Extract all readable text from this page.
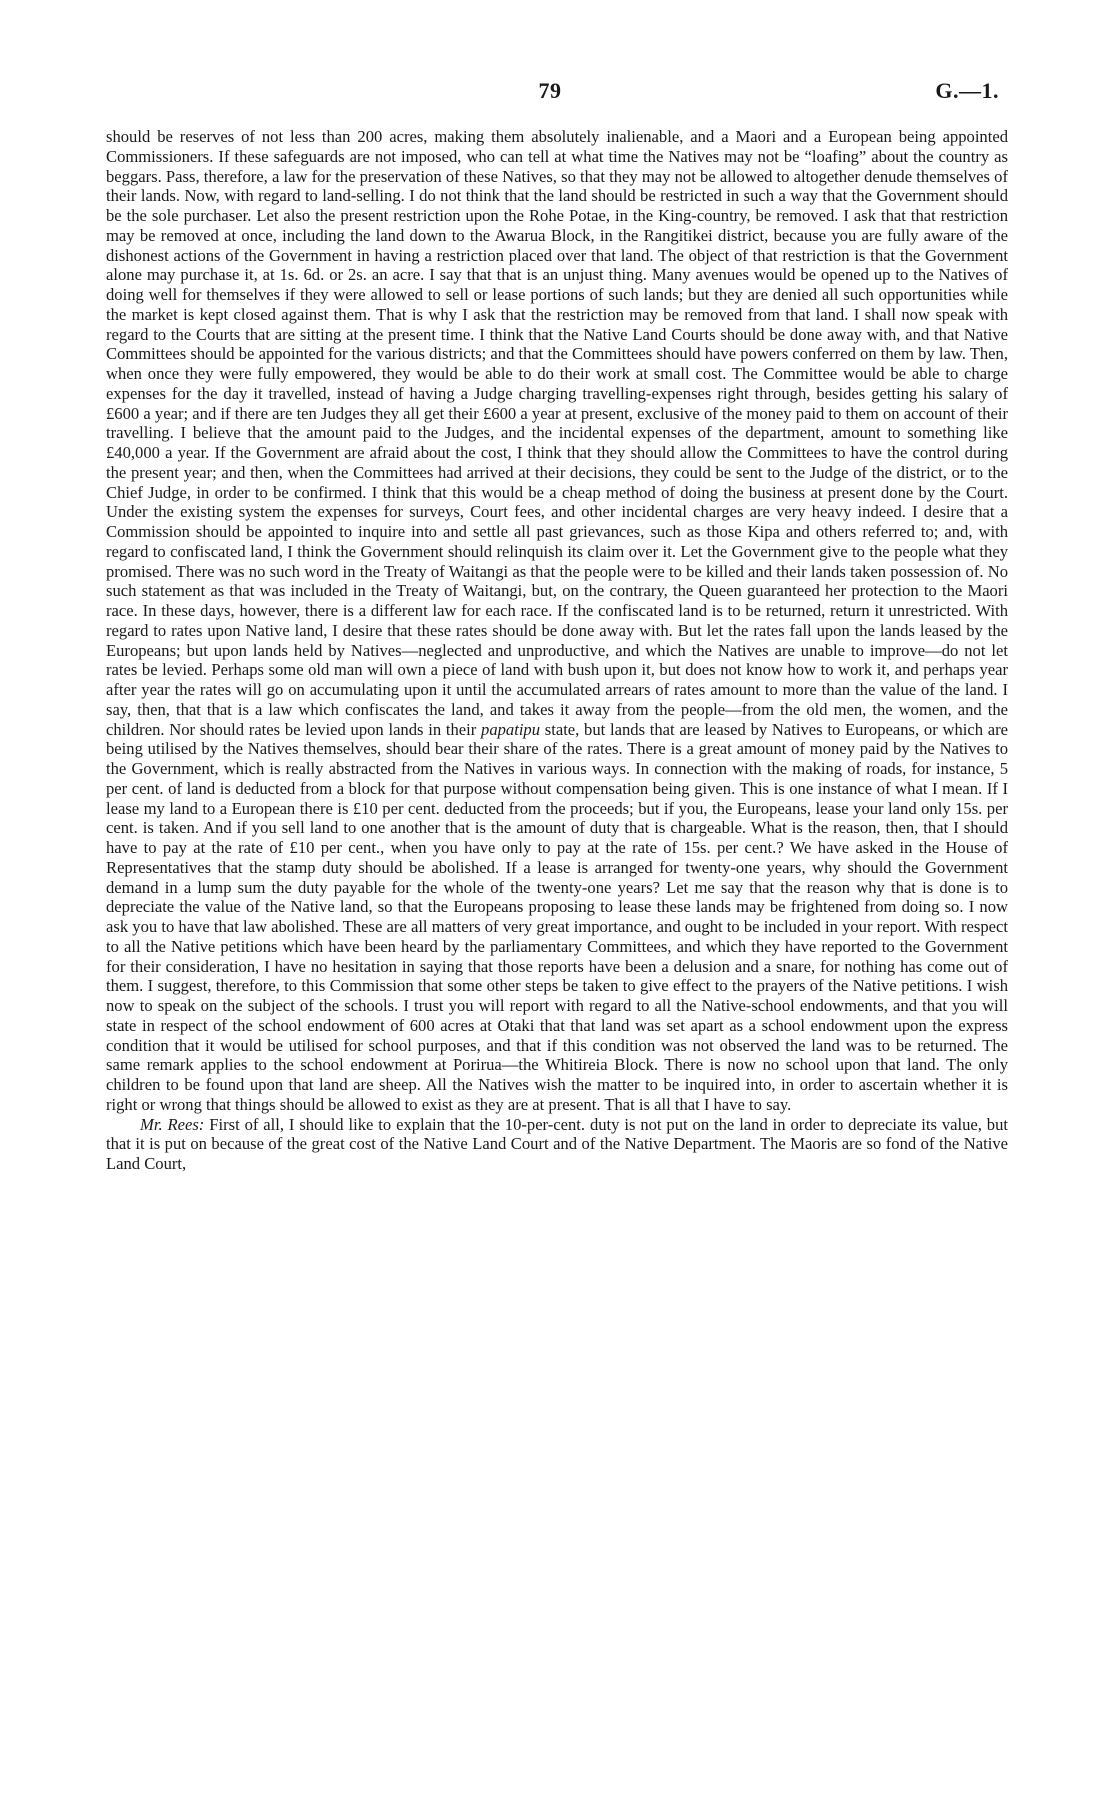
79	G.—1.

should be reserves of not less than 200 acres, making them absolutely inalienable, and a Maori and a European being appointed Commissioners. If these safeguards are not imposed, who can tell at what time the Natives may not be “loafing” about the country as beggars. Pass, therefore, a law for the preservation of these Natives, so that they may not be allowed to altogether denude themselves of their lands. Now, with regard to land-selling. I do not think that the land should be restricted in such a way that the Government should be the sole purchaser. Let also the present restriction upon the Rohe Potae, in the King-country, be removed. I ask that that restriction may be removed at once, including the land down to the Awarua Block, in the Rangitikei district, because you are fully aware of the dishonest actions of the Government in having a restriction placed over that land. The object of that restriction is that the Government alone may purchase it, at 1s. 6d. or 2s. an acre. I say that that is an unjust thing. Many avenues would be opened up to the Natives of doing well for themselves if they were allowed to sell or lease portions of such lands; but they are denied all such opportunities while the market is kept closed against them. That is why I ask that the restriction may be removed from that land. I shall now speak with regard to the Courts that are sitting at the present time. I think that the Native Land Courts should be done away with, and that Native Committees should be appointed for the various districts; and that the Committees should have powers conferred on them by law. Then, when once they were fully empowered, they would be able to do their work at small cost. The Committee would be able to charge expenses for the day it travelled, instead of having a Judge charging travelling-expenses right through, besides getting his salary of £600 a year; and if there are ten Judges they all get their £600 a year at present, exclusive of the money paid to them on account of their travelling. I believe that the amount paid to the Judges, and the incidental expenses of the department, amount to something like £40,000 a year. If the Government are afraid about the cost, I think that they should allow the Committees to have the control during the present year; and then, when the Committees had arrived at their decisions, they could be sent to the Judge of the district, or to the Chief Judge, in order to be confirmed. I think that this would be a cheap method of doing the business at present done by the Court. Under the existing system the expenses for surveys, Court fees, and other incidental charges are very heavy indeed. I desire that a Commission should be appointed to inquire into and settle all past grievances, such as those Kipa and others referred to; and, with regard to confiscated land, I think the Government should relinquish its claim over it. Let the Government give to the people what they promised. There was no such word in the Treaty of Waitangi as that the people were to be killed and their lands taken possession of. No such statement as that was included in the Treaty of Waitangi, but, on the contrary, the Queen guaranteed her protection to the Maori race. In these days, however, there is a different law for each race. If the confiscated land is to be returned, return it unrestricted. With regard to rates upon Native land, I desire that these rates should be done away with. But let the rates fall upon the lands leased by the Europeans; but upon lands held by Natives—neglected and unproductive, and which the Natives are unable to improve—do not let rates be levied. Perhaps some old man will own a piece of land with bush upon it, but does not know how to work it, and perhaps year after year the rates will go on accumulating upon it until the accumulated arrears of rates amount to more than the value of the land. I say, then, that that is a law which confiscates the land, and takes it away from the people—from the old men, the women, and the children. Nor should rates be levied upon lands in their papatipu state, but lands that are leased by Natives to Europeans, or which are being utilised by the Natives themselves, should bear their share of the rates. There is a great amount of money paid by the Natives to the Government, which is really abstracted from the Natives in various ways. In connection with the making of roads, for instance, 5 per cent. of land is deducted from a block for that purpose without compensation being given. This is one instance of what I mean. If I lease my land to a European there is £10 per cent. deducted from the proceeds; but if you, the Europeans, lease your land only 15s. per cent. is taken. And if you sell land to one another that is the amount of duty that is chargeable. What is the reason, then, that I should have to pay at the rate of £10 per cent., when you have only to pay at the rate of 15s. per cent.? We have asked in the House of Representatives that the stamp duty should be abolished. If a lease is arranged for twenty-one years, why should the Government demand in a lump sum the duty payable for the whole of the twenty-one years? Let me say that the reason why that is done is to depreciate the value of the Native land, so that the Europeans proposing to lease these lands may be frightened from doing so. I now ask you to have that law abolished. These are all matters of very great importance, and ought to be included in your report. With respect to all the Native petitions which have been heard by the parliamentary Committees, and which they have reported to the Government for their consideration, I have no hesitation in saying that those reports have been a delusion and a snare, for nothing has come out of them. I suggest, therefore, to this Commission that some other steps be taken to give effect to the prayers of the Native petitions. I wish now to speak on the subject of the schools. I trust you will report with regard to all the Native-school endowments, and that you will state in respect of the school endowment of 600 acres at Otaki that that land was set apart as a school endowment upon the express condition that it would be utilised for school purposes, and that if this condition was not observed the land was to be returned. The same remark applies to the school endowment at Porirua—the Whitireia Block. There is now no school upon that land. The only children to be found upon that land are sheep. All the Natives wish the matter to be inquired into, in order to ascertain whether it is right or wrong that things should be allowed to exist as they are at present. That is all that I have to say.

Mr. Rees: First of all, I should like to explain that the 10-per-cent. duty is not put on the land in order to depreciate its value, but that it is put on because of the great cost of the Native Land Court and of the Native Department. The Maoris are so fond of the Native Land Court,
